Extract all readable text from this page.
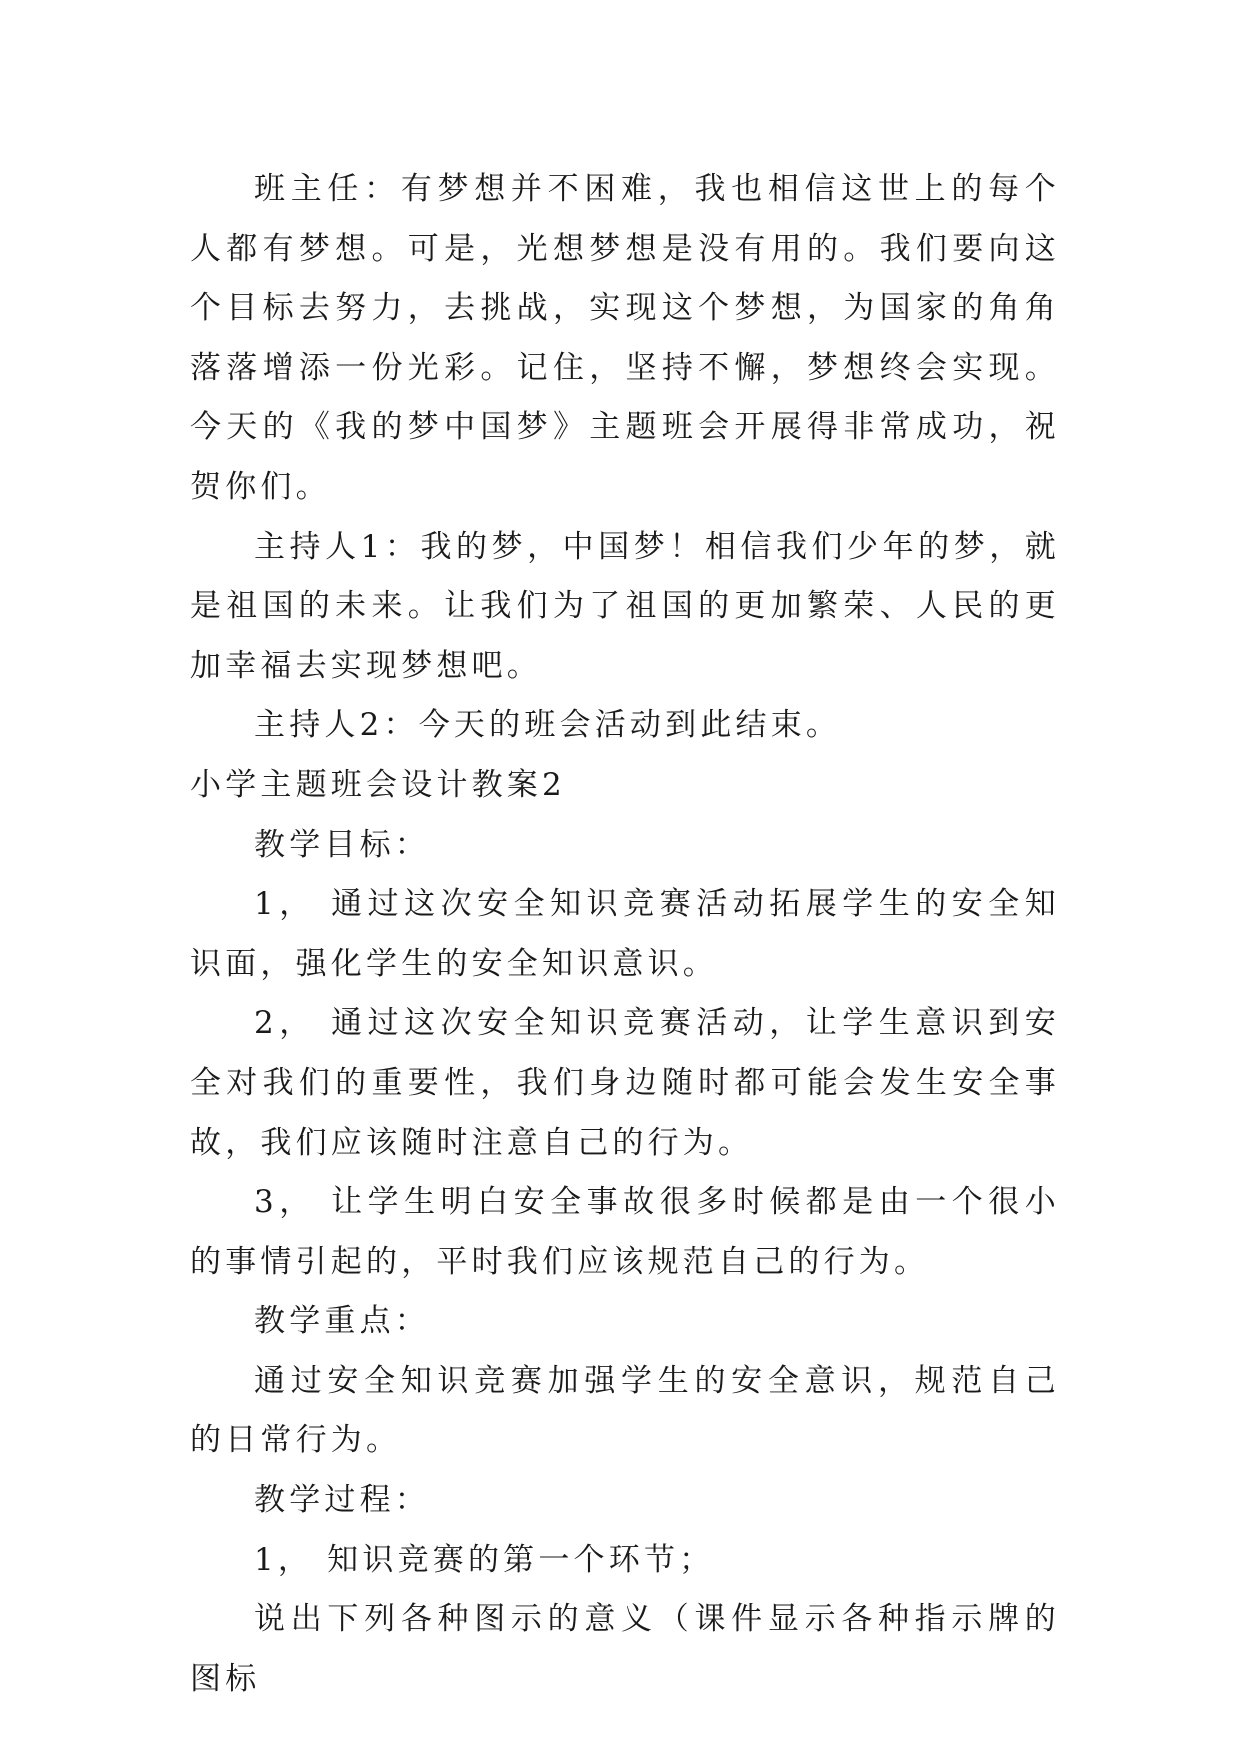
班主任：有梦想并不困难，我也相信这世上的每个人都有梦想。可是，光想梦想是没有用的。我们要向这个目标去努力，去挑战，实现这个梦想，为国家的角角落落增添一份光彩。记住，坚持不懈，梦想终会实现。今天的《我的梦中国梦》主题班会开展得非常成功，祝贺你们。

主持人1：我的梦，中国梦！相信我们少年的梦，就是祖国的未来。让我们为了祖国的更加繁荣、人民的更加幸福去实现梦想吧。

主持人2：今天的班会活动到此结束。

小学主题班会设计教案2

教学目标：

1， 通过这次安全知识竞赛活动拓展学生的安全知识面，强化学生的安全知识意识。

2， 通过这次安全知识竞赛活动，让学生意识到安全对我们的重要性，我们身边随时都可能会发生安全事故，我们应该随时注意自己的行为。

3， 让学生明白安全事故很多时候都是由一个很小的事情引起的，平时我们应该规范自己的行为。

教学重点：

通过安全知识竞赛加强学生的安全意识，规范自己的日常行为。

教学过程：

1， 知识竞赛的第一个环节；

说出下列各种图示的意义（课件显示各种指示牌的图标
